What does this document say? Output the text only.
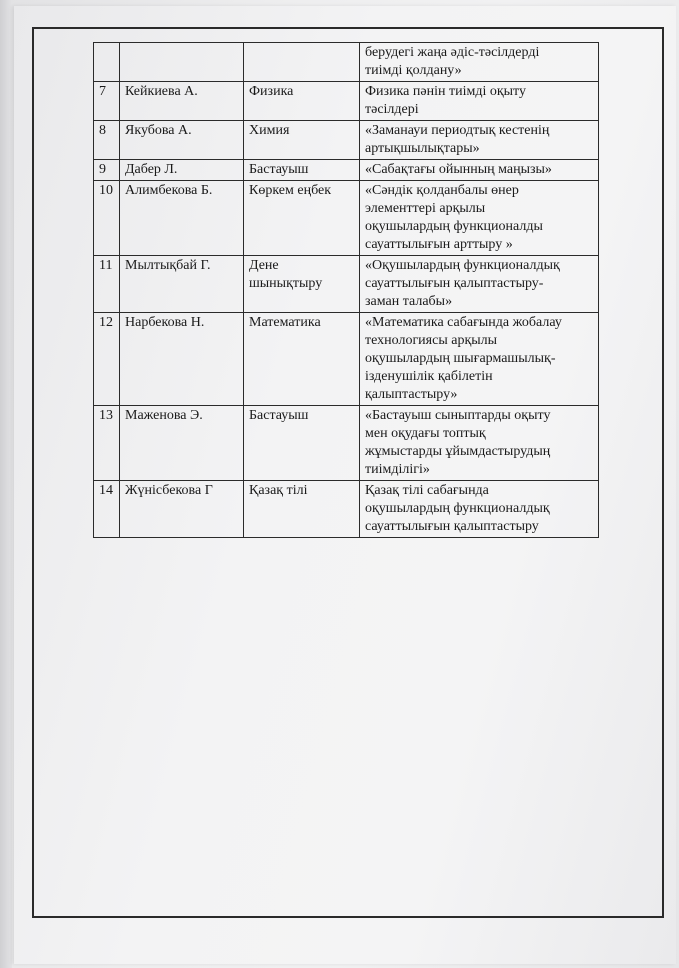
			берудегі жаңа әдіс-тәсілдерді
тиімді қолдану»

7	Кейкиева А.	Физика	Физика пәнін тиімді оқыту
тәсілдері

8	Якубова А.	Химия	«Заманауи периодтық кестенің
артықшылықтары»

9	Дабер Л.	Бастауыш	«Сабақтағы ойынның маңызы»

10	Алимбекова Б.	Көркем еңбек	«Сәндік қолданбалы өнер
элементтері арқылы
оқушылардың функционалды
сауаттылығын арттыру »

11	Мылтықбай Г.	Дене
шынықтыру	«Оқушылардың функционалдық
сауаттылығын қалыптастыру-
заман талабы»

12	Нарбекова Н.	Математика	«Математика сабағында жобалау
технологиясы арқылы
оқушылардың шығармашылық-
ізденушілік қабілетін
қалыптастыру»

13	Маженова Э.	Бастауыш	«Бастауыш сыныптарды оқыту
мен оқудағы топтық
жұмыстарды ұйымдастырудың
тиімділігі»

14	Жүнісбекова Г	Қазақ тілі	Қазақ тілі сабағында
оқушылардың функционалдық
сауаттылығын қалыптастыру
